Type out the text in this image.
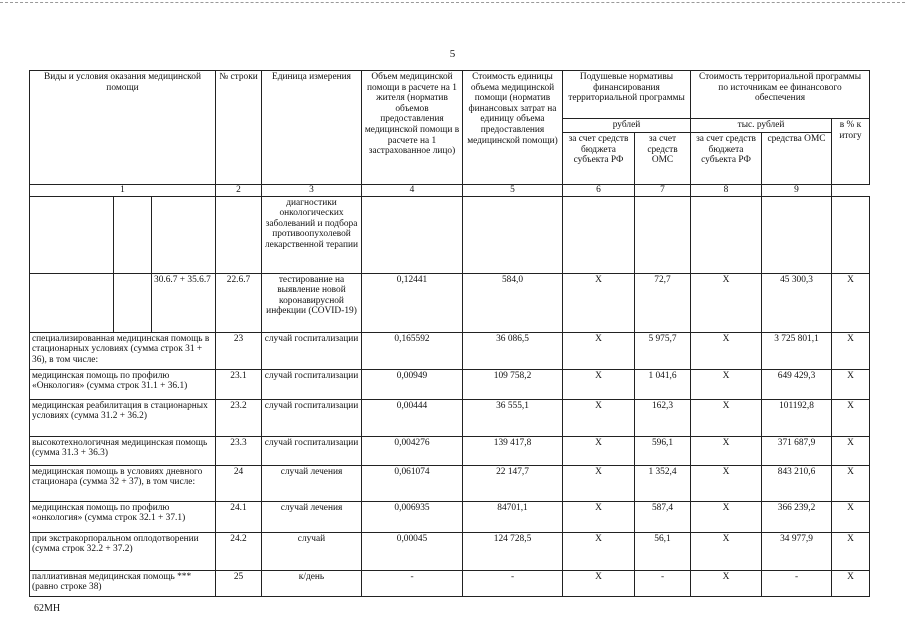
5
Виды и условия оказания медицинской помощи			№ строки	Единица измерения	Объем медицинской помощи в расчете на 1 жителя (норматив объемов предоставления медицинской помощи в расчете на 1 застрахованное лицо)	Стоимость единицы объема медицинской помощи (норматив финансовых затрат на единицу объема предоставления медицинской помощи)	Подушевые нормативы финансирования территориальной программы		Стоимость территориальной программы по источникам ее финансового обеспечения		
							рублей		тыс. рублей		в % к итогу
							за счет средств бюджета субъекта РФ	за счет средств ОМС	за счет средств бюджета субъекта РФ	средства ОМС	
1			2	3	4	5	6	7	8	9
				диагностики онкологических заболеваний и подбора противоопухолевой лекарственной терапии							
		30.6.7 + 35.6.7	22.6.7	тестирование на выявление новой коронавирусной инфекции (COVID-19)	0,12441	584,0	X	72,7	X	45 300,3	X
специализированная медицинская помощь в стационарных условиях (сумма строк 31 + 36), в том числе:			23	случай госпитализации	0,165592	36 086,5	X	5 975,7	X	3 725 801,1	X
медицинская помощь по профилю «Онкология» (сумма строк 31.1 + 36.1)			23.1	случай госпитализации	0,00949	109 758,2	X	1 041,6	X	649 429,3	X
медицинская реабилитация в стационарных условиях (сумма 31.2 + 36.2)			23.2	случай госпитализации	0,00444	36 555,1	X	162,3	X	101192,8	X
высокотехнологичная медицинская помощь (сумма 31.3 + 36.3)			23.3	случай госпитализации	0,004276	139 417,8	X	596,1	X	371 687,9	X
медицинская помощь в условиях дневного стационара (сумма 32 + 37), в том числе:			24	случай лечения	0,061074	22 147,7	X	1 352,4	X	843 210,6	X
медицинская помощь по профилю «онкология» (сумма строк 32.1 + 37.1)			24.1	случай лечения	0,006935	84701,1	X	587,4	X	366 239,2	X
при экстракорпоральном оплодотворении (сумма строк 32.2 + 37.2)			24.2	случай	0,00045	124 728,5	X	56,1	X	34 977,9	X
паллиативная медицинская помощь *** (равно строке 38)			25	к/день	-	-	X	-	X	-	X
62МН
